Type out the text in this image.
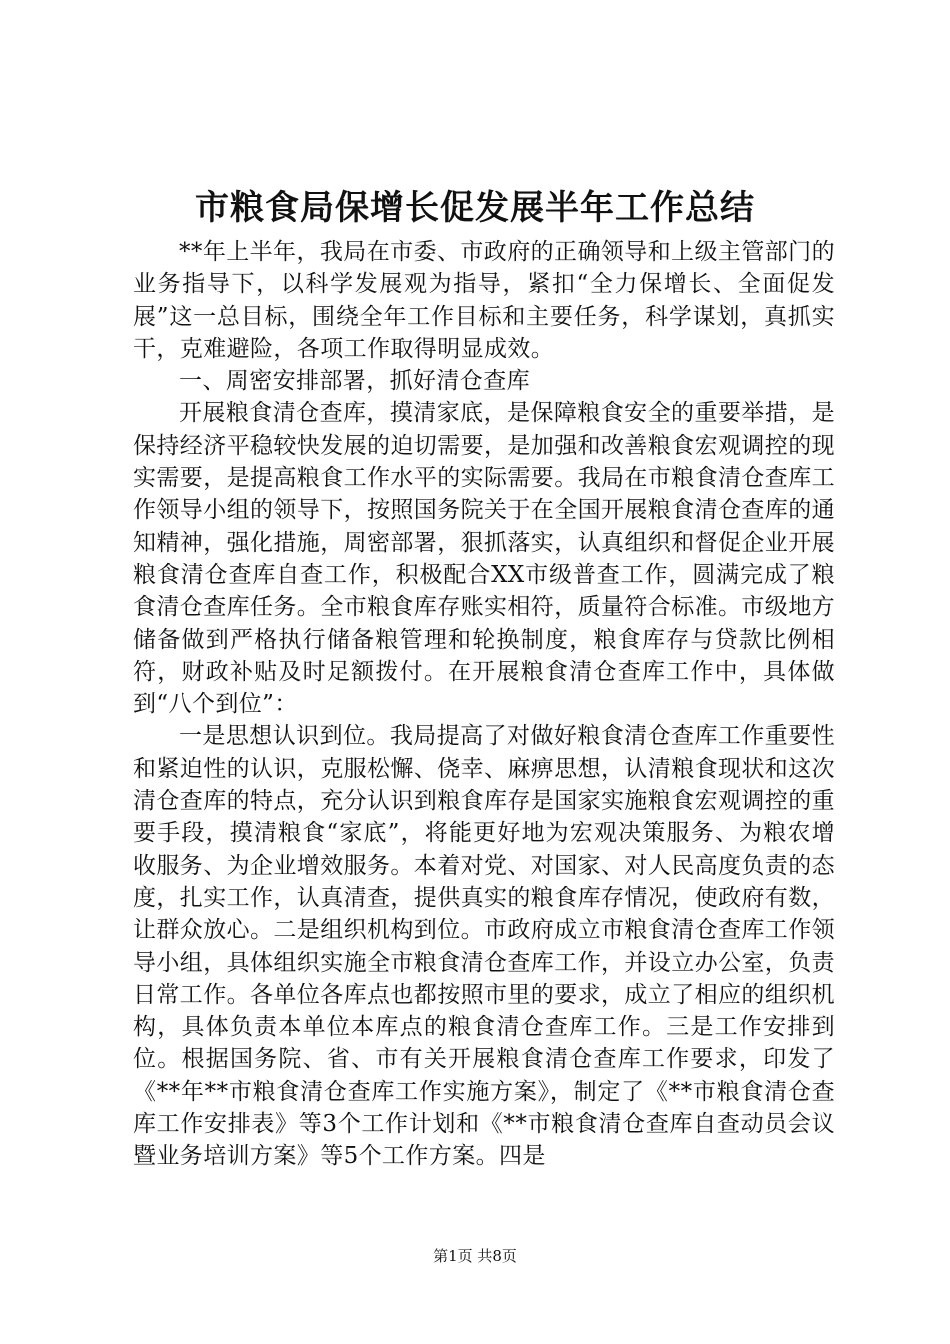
市粮食局保增长促发展半年工作总结

**年上半年，我局在市委、市政府的正确领导和上级主管部门的业务指导下，以科学发展观为指导，紧扣“全力保增长、全面促发展”这一总目标，围绕全年工作目标和主要任务，科学谋划，真抓实干，克难避险，各项工作取得明显成效。

一、周密安排部署，抓好清仓查库

开展粮食清仓查库，摸清家底，是保障粮食安全的重要举措，是保持经济平稳较快发展的迫切需要，是加强和改善粮食宏观调控的现实需要，是提高粮食工作水平的实际需要。我局在市粮食清仓查库工作领导小组的领导下，按照国务院关于在全国开展粮食清仓查库的通知精神，强化措施，周密部署，狠抓落实，认真组织和督促企业开展粮食清仓查库自查工作，积极配合XX市级普查工作，圆满完成了粮食清仓查库任务。全市粮食库存账实相符，质量符合标准。市级地方储备做到严格执行储备粮管理和轮换制度，粮食库存与贷款比例相符，财政补贴及时足额拨付。在开展粮食清仓查库工作中，具体做到“八个到位”：

一是思想认识到位。我局提高了对做好粮食清仓查库工作重要性和紧迫性的认识，克服松懈、侥幸、麻痹思想，认清粮食现状和这次清仓查库的特点，充分认识到粮食库存是国家实施粮食宏观调控的重要手段，摸清粮食“家底”，将能更好地为宏观决策服务、为粮农增收服务、为企业增效服务。本着对党、对国家、对人民高度负责的态度，扎实工作，认真清查，提供真实的粮食库存情况，使政府有数，让群众放心。二是组织机构到位。市政府成立市粮食清仓查库工作领导小组，具体组织实施全市粮食清仓查库工作，并设立办公室，负责日常工作。各单位各库点也都按照市里的要求，成立了相应的组织机构，具体负责本单位本库点的粮食清仓查库工作。三是工作安排到位。根据国务院、省、市有关开展粮食清仓查库工作要求，印发了《**年**市粮食清仓查库工作实施方案》，制定了《**市粮食清仓查库工作安排表》等3个工作计划和《**市粮食清仓查库自查动员会议暨业务培训方案》等5个工作方案。四是

第1页 共8页
